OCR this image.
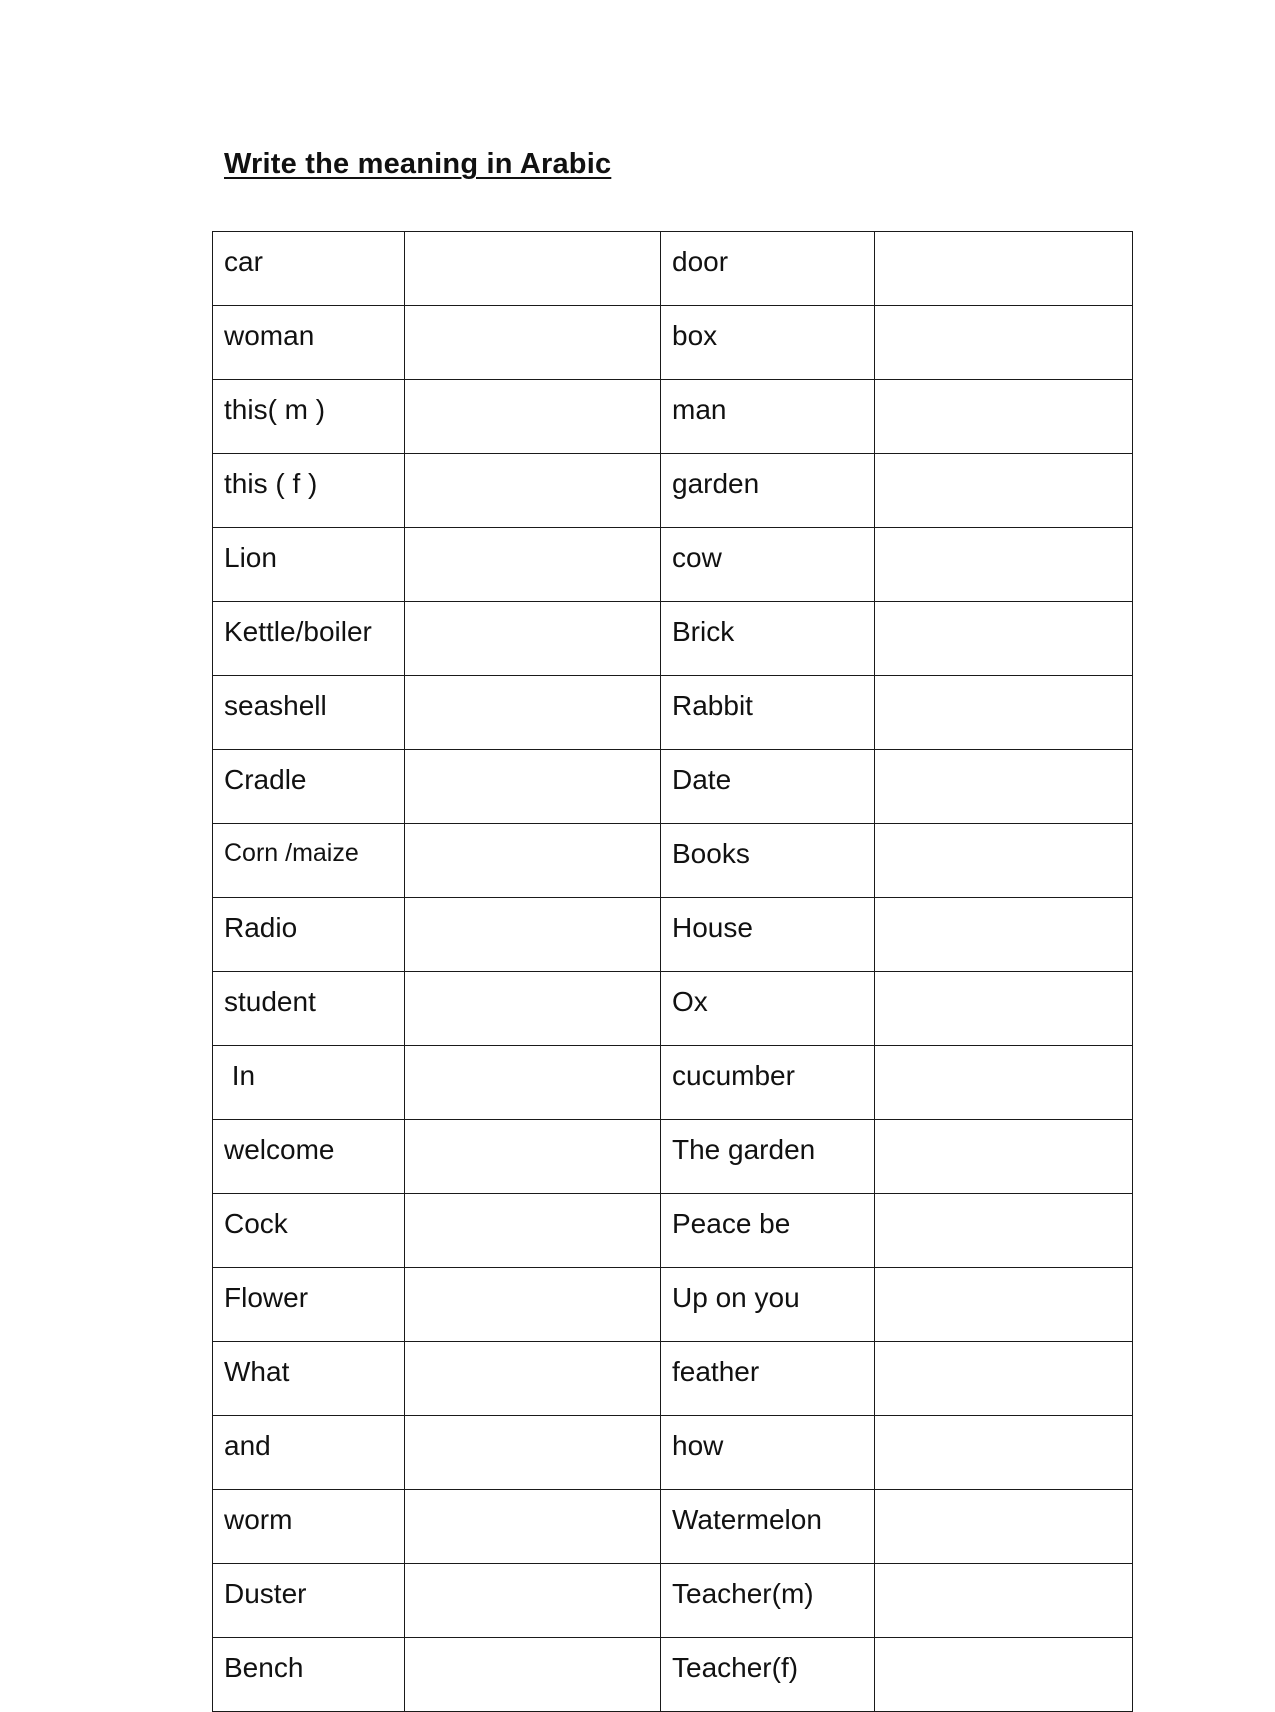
Write the meaning in Arabic
car		door	
woman		box	
this( m )		man	
this ( f )		garden	
Lion		cow	
Kettle/boiler		Brick	
seashell		Rabbit	
Cradle		Date	
Corn /maize		Books	
Radio		House	
student		Ox	
In		cucumber	
welcome		The garden	
Cock		Peace be	
Flower		Up on you	
What		feather	
and		how	
worm		Watermelon	
Duster		Teacher(m)	
Bench		Teacher(f)	
